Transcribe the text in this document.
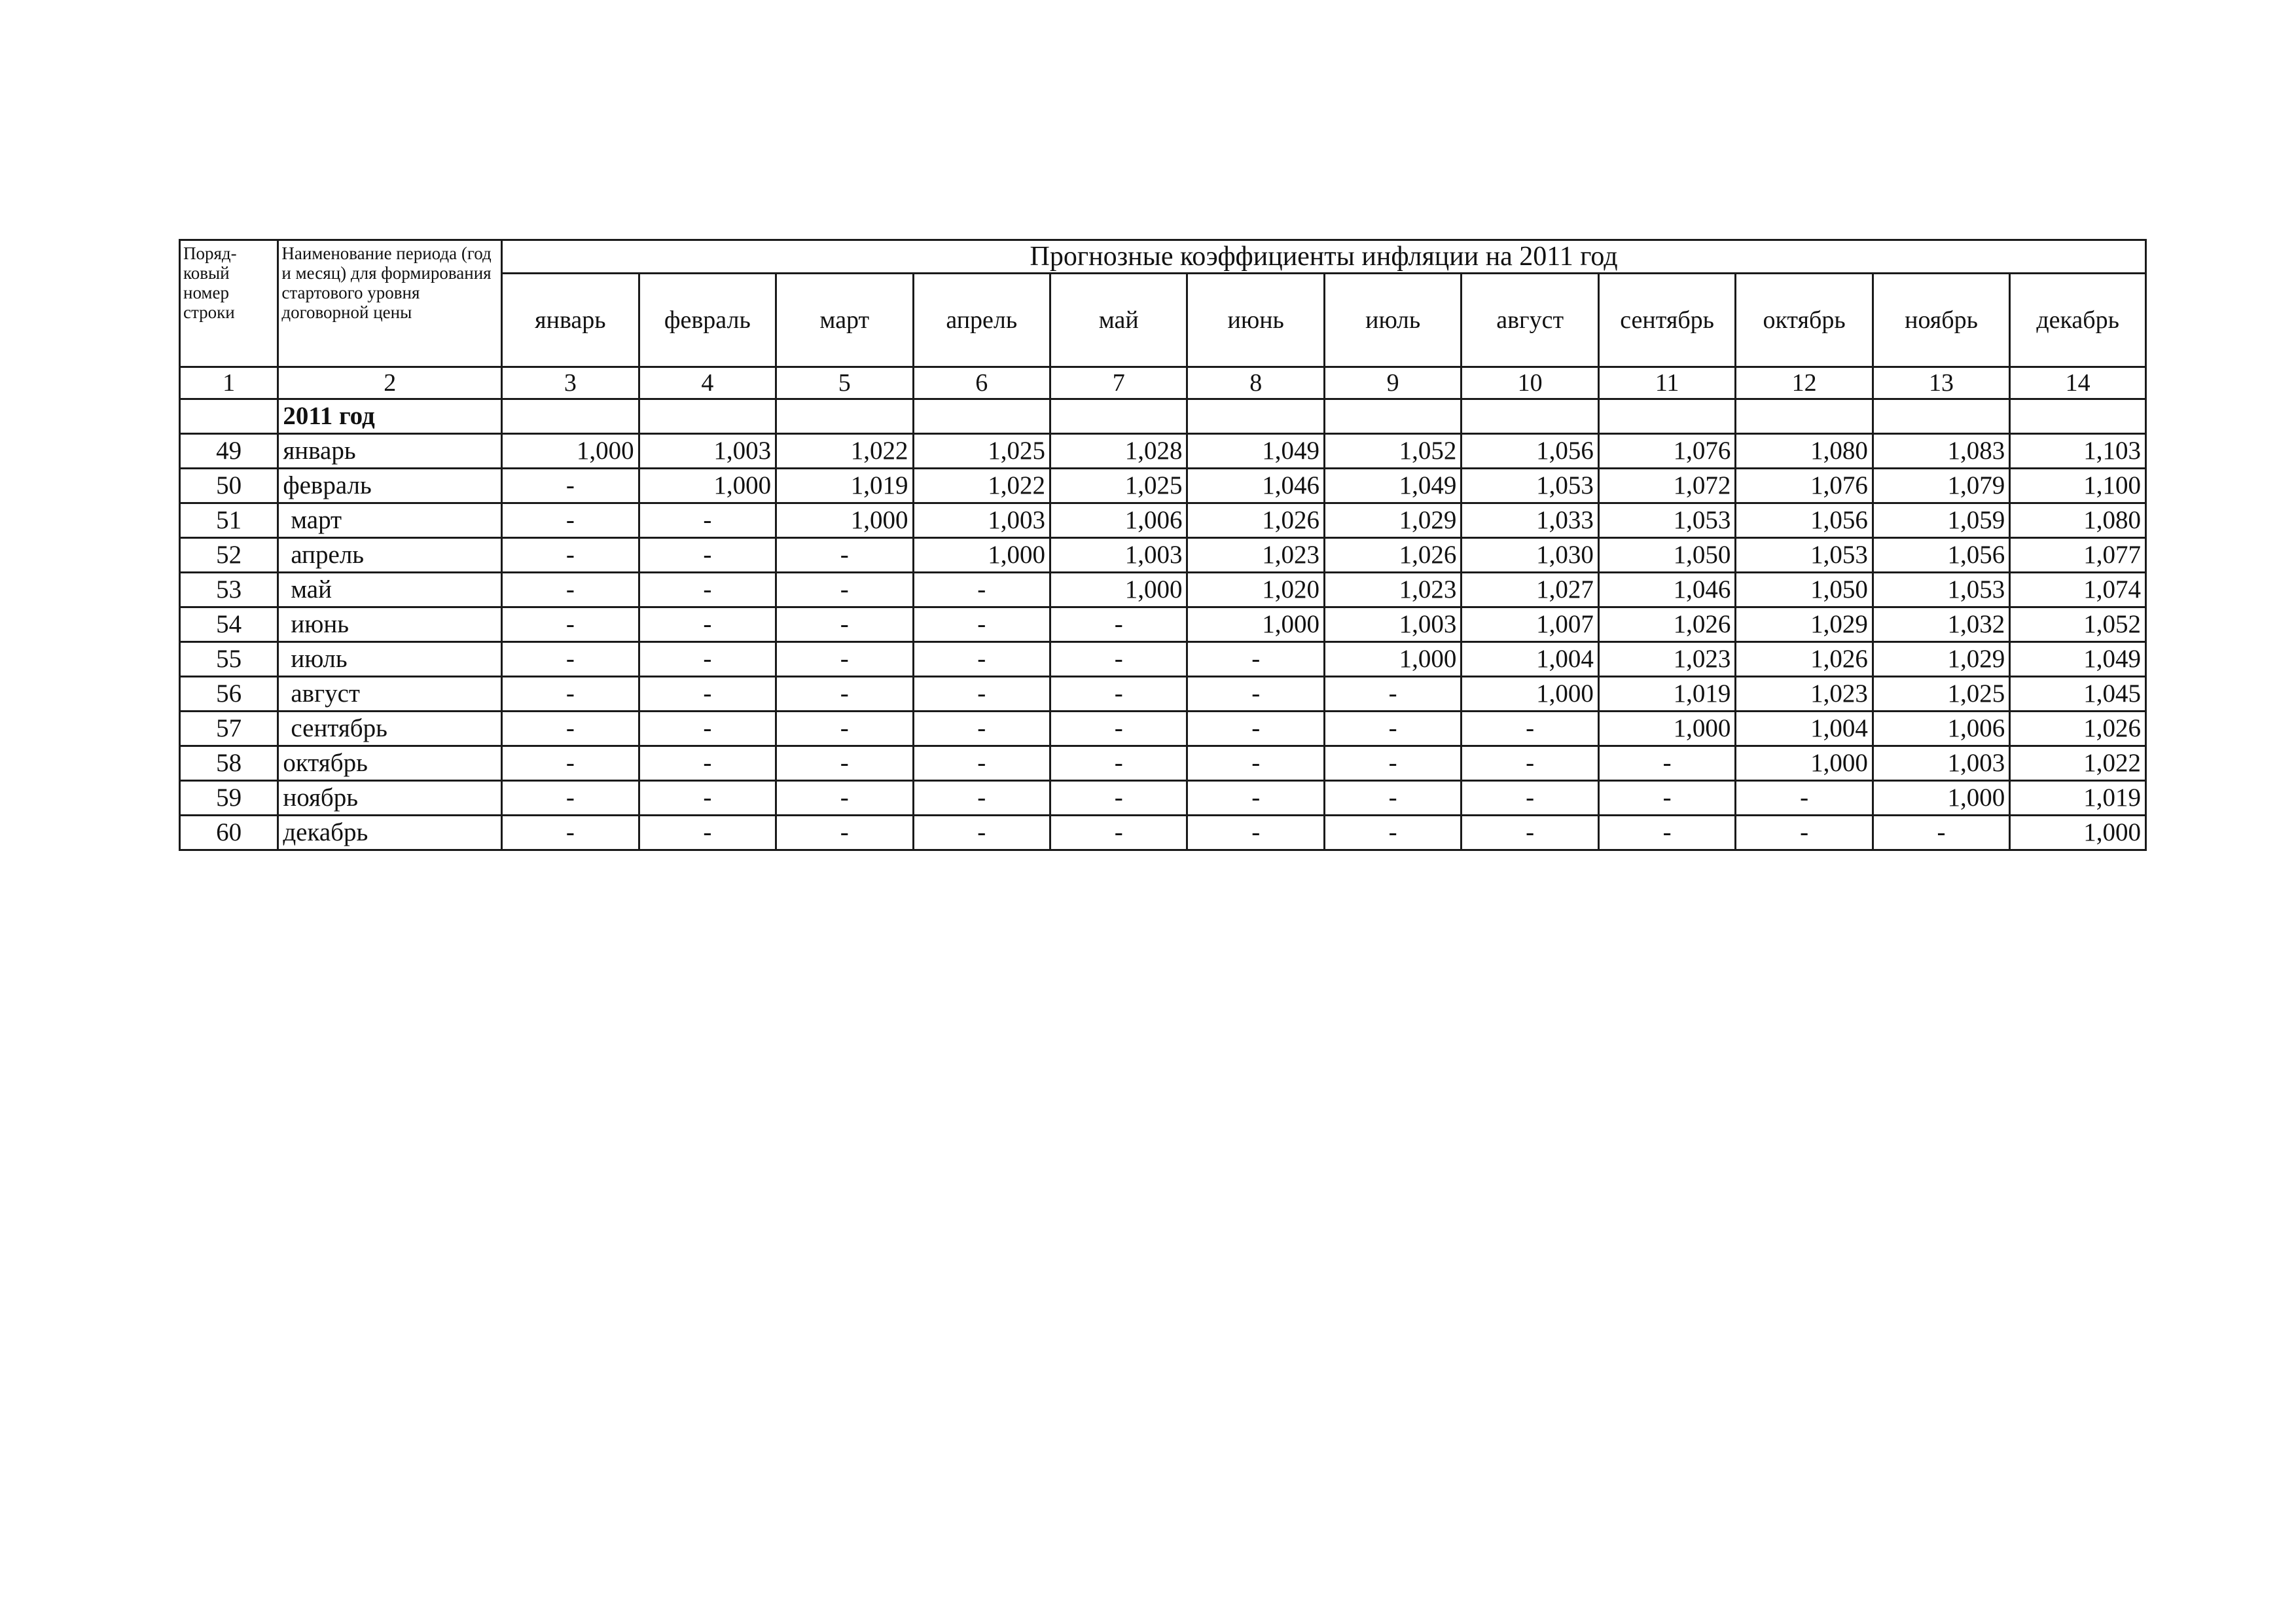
Поряд-ковый номер строки	Наименование периода (год и месяц) для формирования стартового уровня договорной цены	Прогнозные коэффициенты инфляции на 2011 год											
		январь	февраль	март	апрель	май	июнь	июль	август	сентябрь	октябрь	ноябрь	декабрь
1	2	3	4	5	6	7	8	9	10	11	12	13	14
	2011 год												
49	январь	1,000	1,003	1,022	1,025	1,028	1,049	1,052	1,056	1,076	1,080	1,083	1,103
50	февраль	-	1,000	1,019	1,022	1,025	1,046	1,049	1,053	1,072	1,076	1,079	1,100
51	март	-	-	1,000	1,003	1,006	1,026	1,029	1,033	1,053	1,056	1,059	1,080
52	апрель	-	-	-	1,000	1,003	1,023	1,026	1,030	1,050	1,053	1,056	1,077
53	май	-	-	-	-	1,000	1,020	1,023	1,027	1,046	1,050	1,053	1,074
54	июнь	-	-	-	-	-	1,000	1,003	1,007	1,026	1,029	1,032	1,052
55	июль	-	-	-	-	-	-	1,000	1,004	1,023	1,026	1,029	1,049
56	август	-	-	-	-	-	-	-	1,000	1,019	1,023	1,025	1,045
57	сентябрь	-	-	-	-	-	-	-	-	1,000	1,004	1,006	1,026
58	октябрь	-	-	-	-	-	-	-	-	-	1,000	1,003	1,022
59	ноябрь	-	-	-	-	-	-	-	-	-	-	1,000	1,019
60	декабрь	-	-	-	-	-	-	-	-	-	-	-	1,000
